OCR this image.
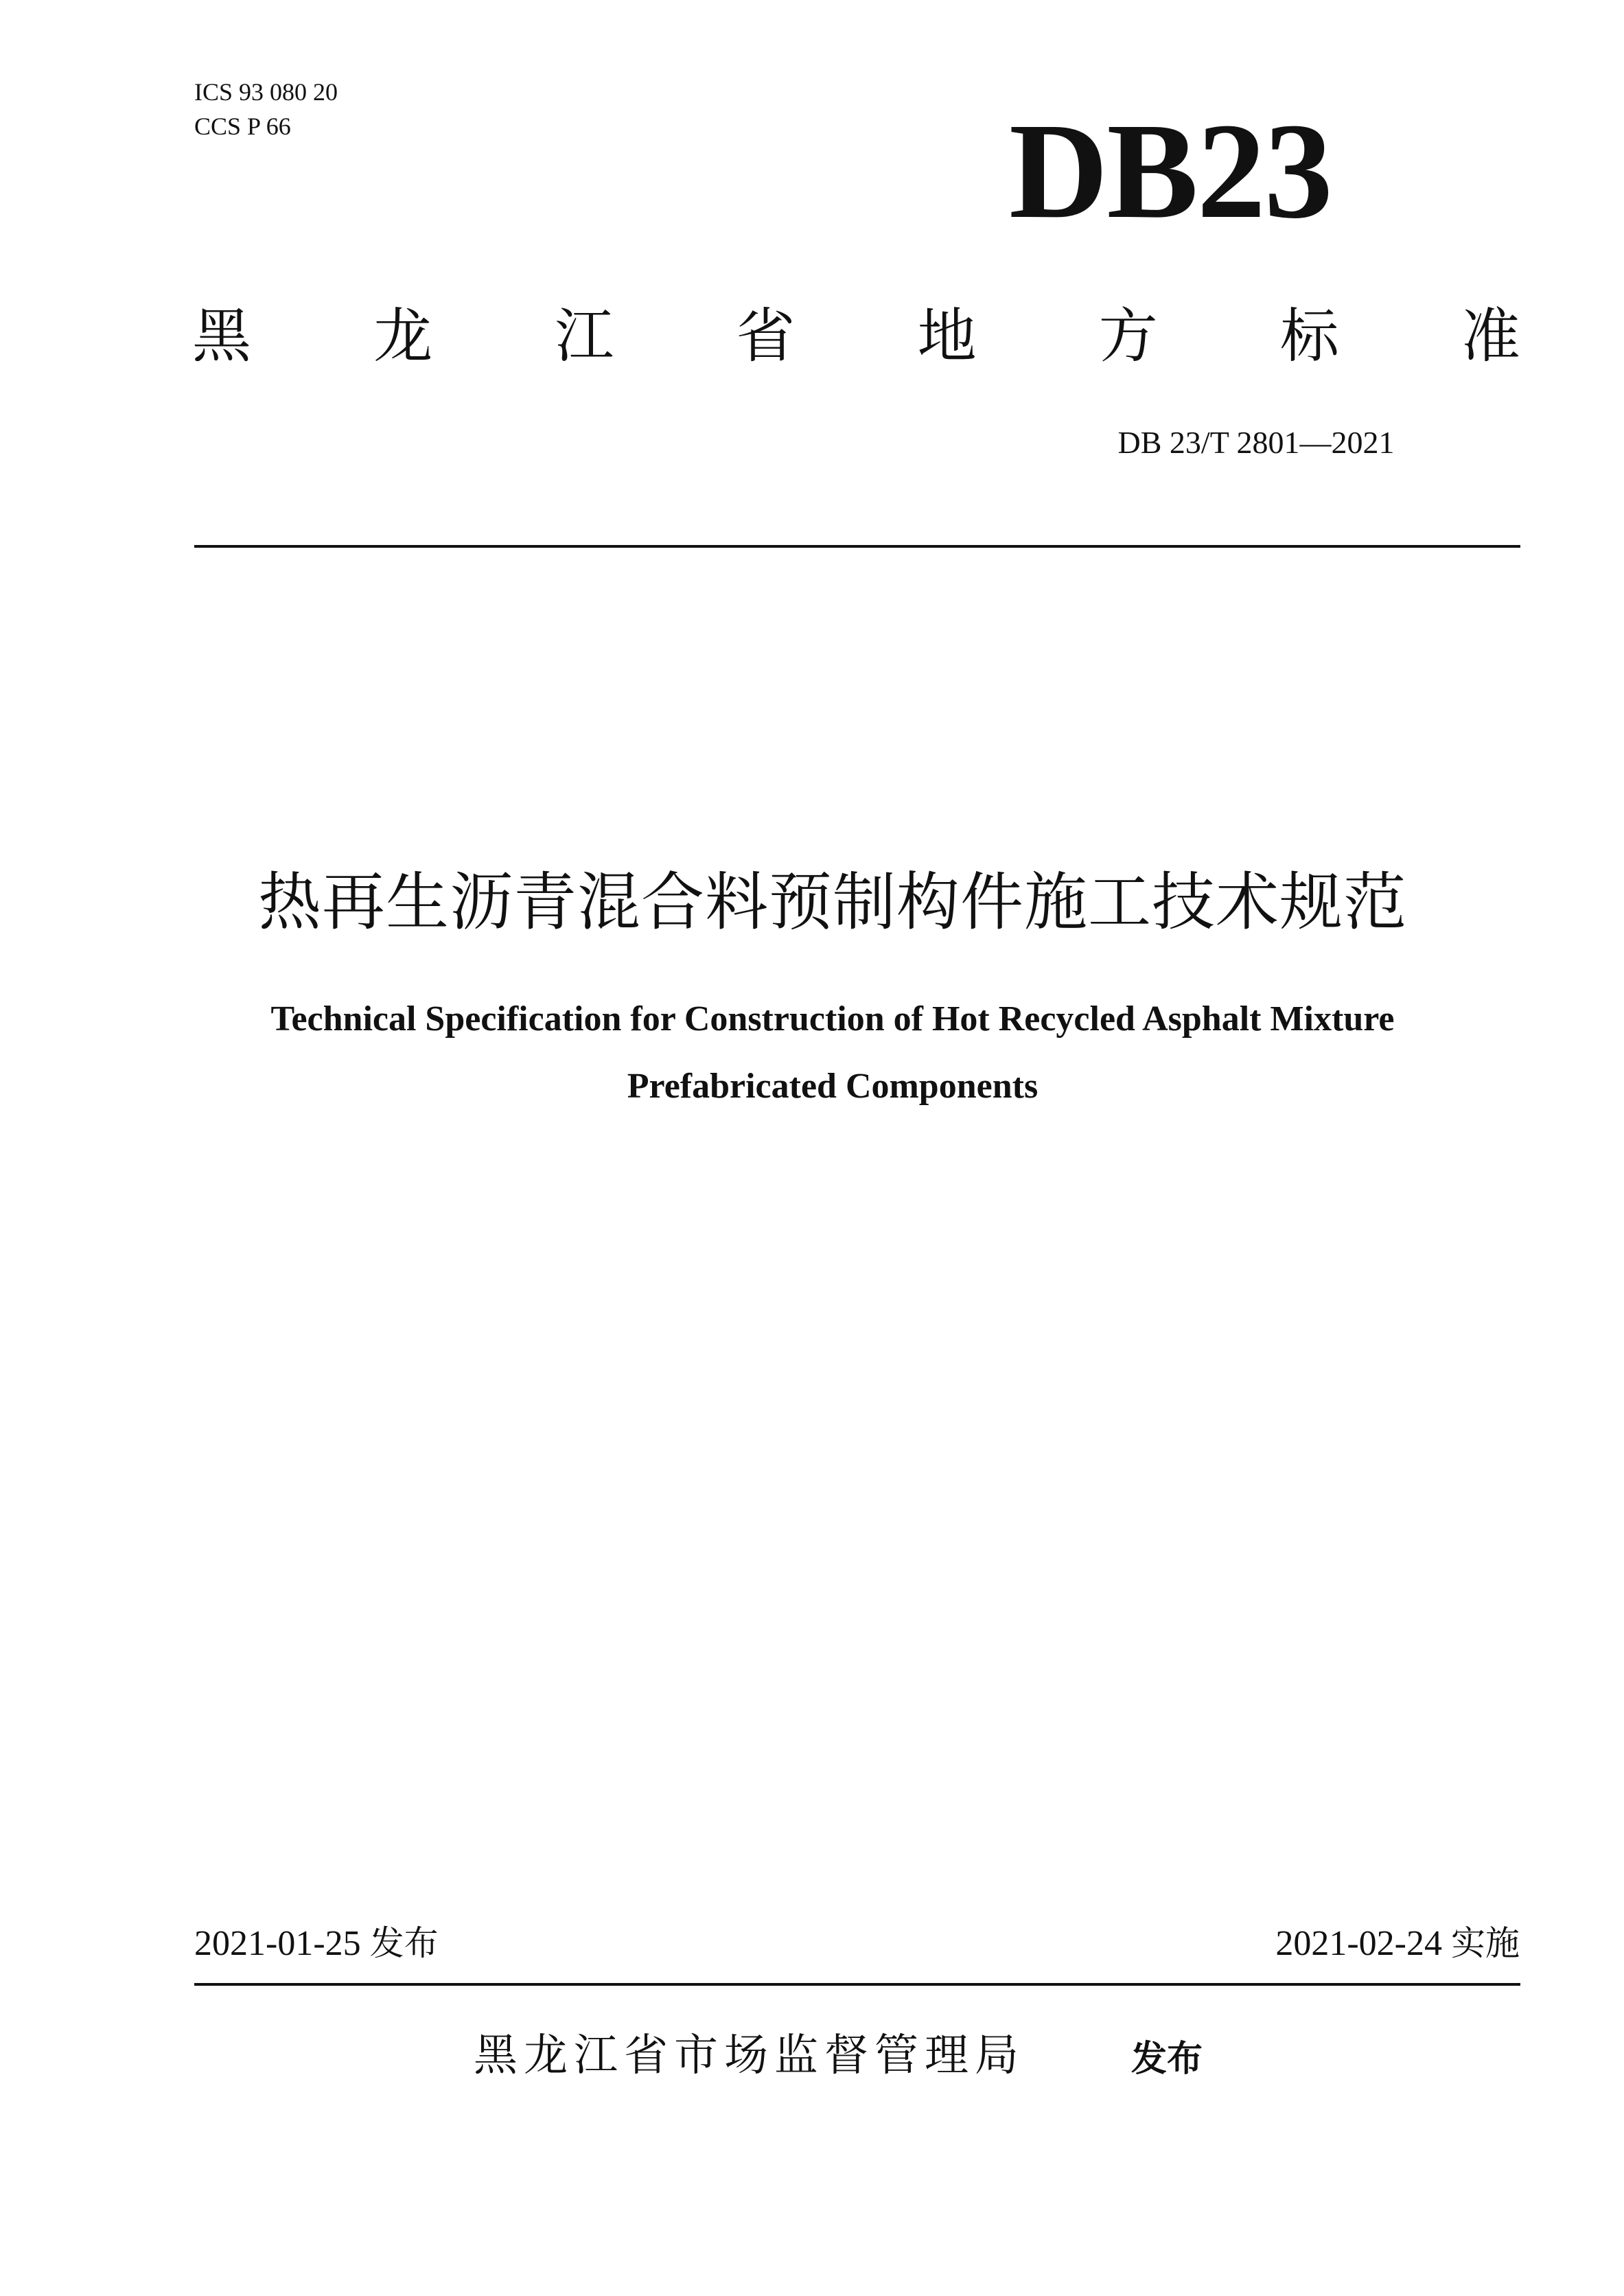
ICS 93 080 20
CCS P 66	DB23
黑 龙 江 省 地 方 标 准
DB 23/T 2801—2021
热再生沥青混合料预制构件施工技术规范
Technical Specification for Construction of Hot Recycled Asphalt Mixture
Prefabricated Components
2021-01-25 发布	2021-02-24 实施
黑龙江省市场监督管理局	发布
